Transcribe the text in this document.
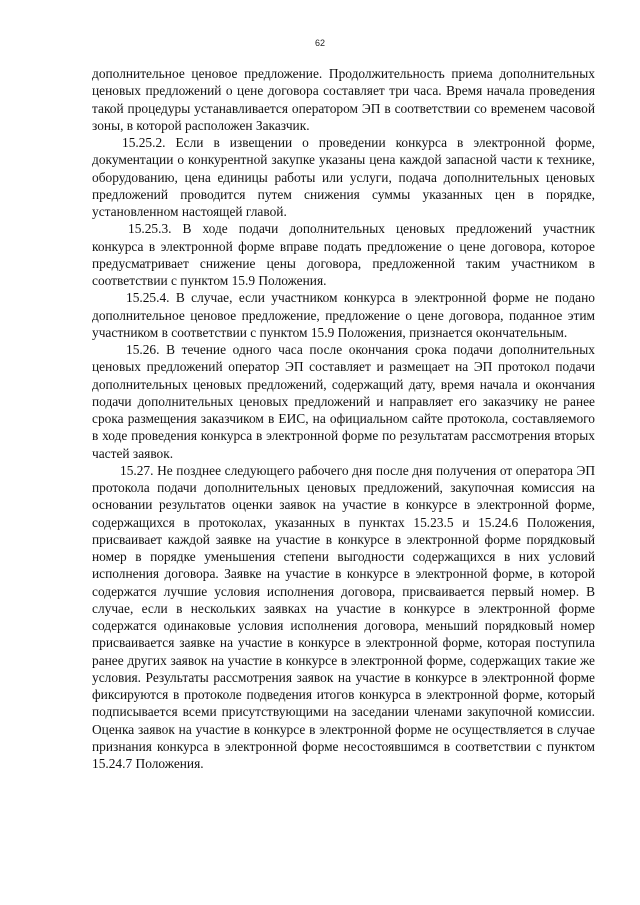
62

дополнительное ценовое предложение. Продолжительность приема дополнительных ценовых предложений о цене договора составляет три часа. Время начала проведения такой процедуры устанавливается оператором ЭП в соответствии со временем часовой зоны, в которой расположен Заказчик.

15.25.2. Если в извещении о проведении конкурса в электронной форме, документации о конкурентной закупке указаны цена каждой запасной части к технике, оборудованию, цена единицы работы или услуги, подача дополнительных ценовых предложений проводится путем снижения суммы указанных цен в порядке, установленном настоящей главой.

15.25.3. В ходе подачи дополнительных ценовых предложений участник конкурса в электронной форме вправе подать предложение о цене договора, которое предусматривает снижение цены договора, предложенной таким участником в соответствии с пунктом 15.9 Положения.

15.25.4. В случае, если участником конкурса в электронной форме не подано дополнительное ценовое предложение, предложение о цене договора, поданное этим участником в соответствии с пунктом 15.9 Положения, признается окончательным.

15.26. В течение одного часа после окончания срока подачи дополнительных ценовых предложений оператор ЭП составляет и размещает на ЭП протокол подачи дополнительных ценовых предложений, содержащий дату, время начала и окончания подачи дополнительных ценовых предложений и направляет его заказчику не ранее срока размещения заказчиком в ЕИС, на официальном сайте протокола, составляемого в ходе проведения конкурса в электронной форме по результатам рассмотрения вторых частей заявок.

15.27. Не позднее следующего рабочего дня после дня получения от оператора ЭП протокола подачи дополнительных ценовых предложений, закупочная комиссия на основании результатов оценки заявок на участие в конкурсе в электронной форме, содержащихся в протоколах, указанных в пунктах 15.23.5 и 15.24.6 Положения, присваивает каждой заявке на участие в конкурсе в электронной форме порядковый номер в порядке уменьшения степени выгодности содержащихся в них условий исполнения договора. Заявке на участие в конкурсе в электронной форме, в которой содержатся лучшие условия исполнения договора, присваивается первый номер. В случае, если в нескольких заявках на участие в конкурсе в электронной форме содержатся одинаковые условия исполнения договора, меньший порядковый номер присваивается заявке на участие в конкурсе в электронной форме, которая поступила ранее других заявок на участие в конкурсе в электронной форме, содержащих такие же условия. Результаты рассмотрения заявок на участие в конкурсе в электронной форме фиксируются в протоколе подведения итогов конкурса в электронной форме, который подписывается всеми присутствующими на заседании членами закупочной комиссии. Оценка заявок на участие в конкурсе в электронной форме не осуществляется в случае признания конкурса в электронной форме несостоявшимся в соответствии с пунктом 15.24.7 Положения.
